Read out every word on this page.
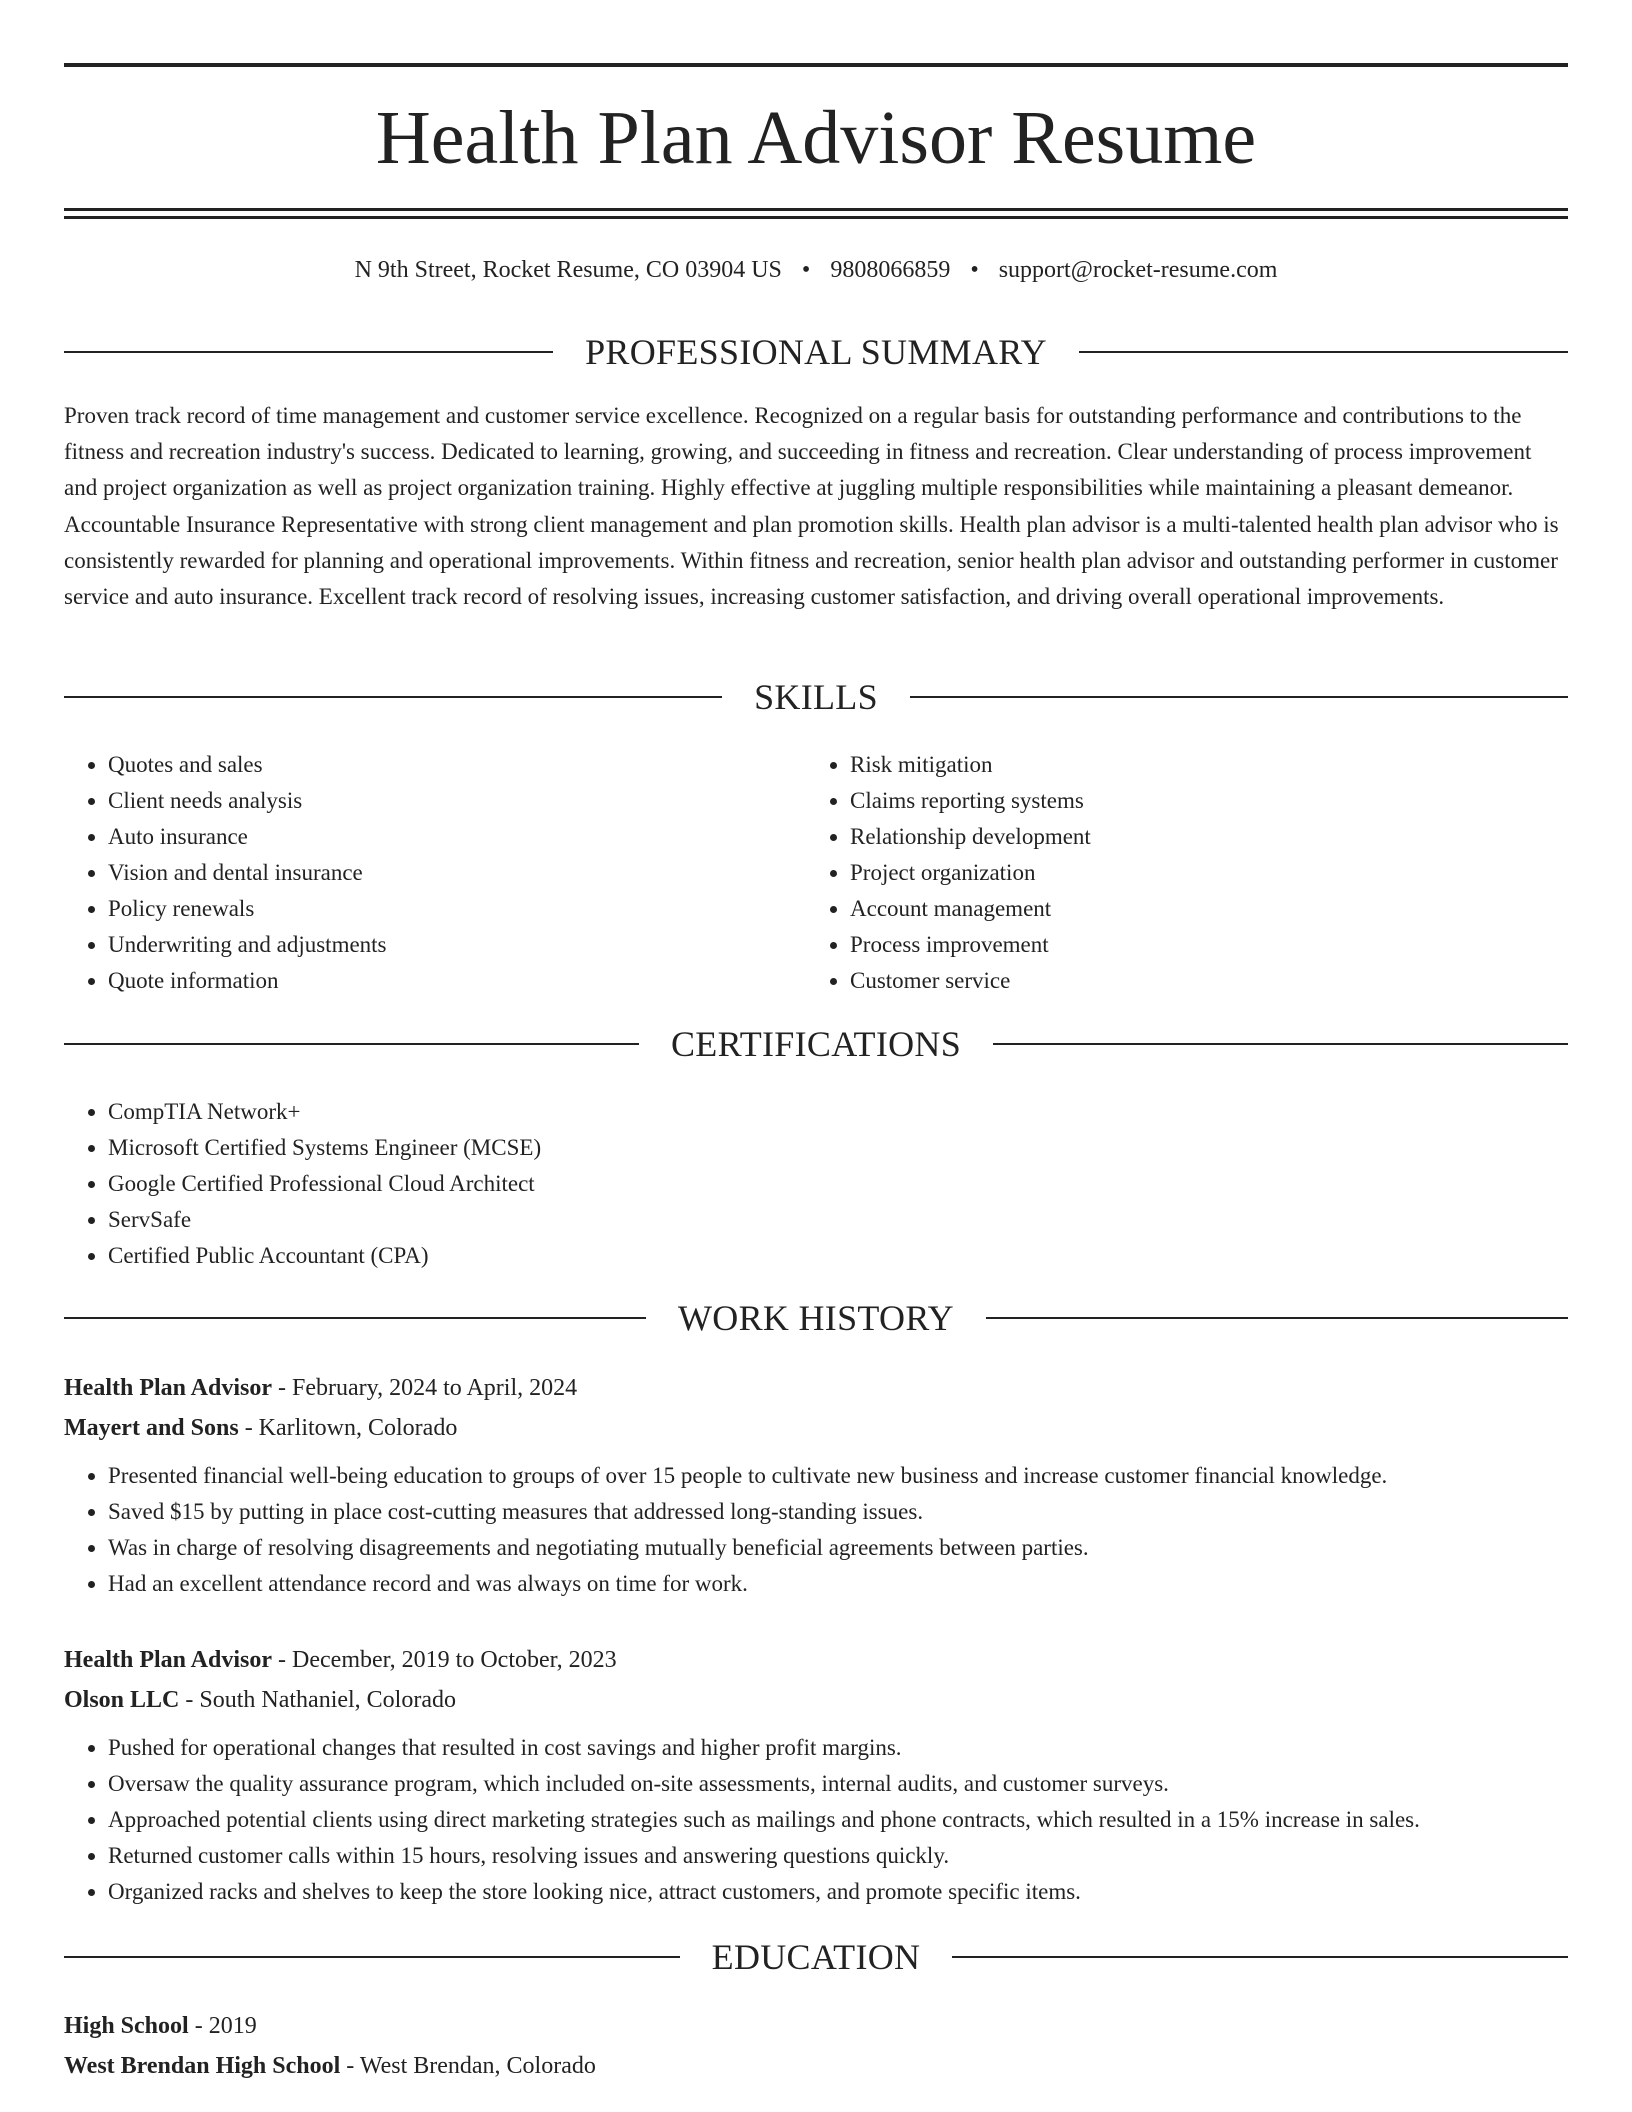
Health Plan Advisor Resume
N 9th Street, Rocket Resume, CO 03904 US • 9808066859 • support@rocket-resume.com
PROFESSIONAL SUMMARY

Proven track record of time management and customer service excellence. Recognized on a regular basis for outstanding performance and contributions to the fitness and recreation industry's success. Dedicated to learning, growing, and succeeding in fitness and recreation. Clear understanding of process improvement and project organization as well as project organization training. Highly effective at juggling multiple responsibilities while maintaining a pleasant demeanor. Accountable Insurance Representative with strong client management and plan promotion skills. Health plan advisor is a multi-talented health plan advisor who is consistently rewarded for planning and operational improvements. Within fitness and recreation, senior health plan advisor and outstanding performer in customer service and auto insurance. Excellent track record of resolving issues, increasing customer satisfaction, and driving overall operational improvements.

SKILLS
• Quotes and sales
• Client needs analysis
• Auto insurance
• Vision and dental insurance
• Policy renewals
• Underwriting and adjustments
• Quote information
• Risk mitigation
• Claims reporting systems
• Relationship development
• Project organization
• Account management
• Process improvement
• Customer service
CERTIFICATIONS
• CompTIA Network+
• Microsoft Certified Systems Engineer (MCSE)
• Google Certified Professional Cloud Architect
• ServSafe
• Certified Public Accountant (CPA)
WORK HISTORY

Health Plan Advisor - February, 2024 to April, 2024

Mayert and Sons - Karlitown, Colorado

• Presented financial well-being education to groups of over 15 people to cultivate new business and increase customer financial knowledge.
• Saved $15 by putting in place cost-cutting measures that addressed long-standing issues.
• Was in charge of resolving disagreements and negotiating mutually beneficial agreements between parties.
• Had an excellent attendance record and was always on time for work.

Health Plan Advisor - December, 2019 to October, 2023

Olson LLC - South Nathaniel, Colorado

• Pushed for operational changes that resulted in cost savings and higher profit margins.
• Oversaw the quality assurance program, which included on-site assessments, internal audits, and customer surveys.
• Approached potential clients using direct marketing strategies such as mailings and phone contracts, which resulted in a 15% increase in sales.
• Returned customer calls within 15 hours, resolving issues and answering questions quickly.
• Organized racks and shelves to keep the store looking nice, attract customers, and promote specific items.
EDUCATION

High School - 2019

West Brendan High School - West Brendan, Colorado
